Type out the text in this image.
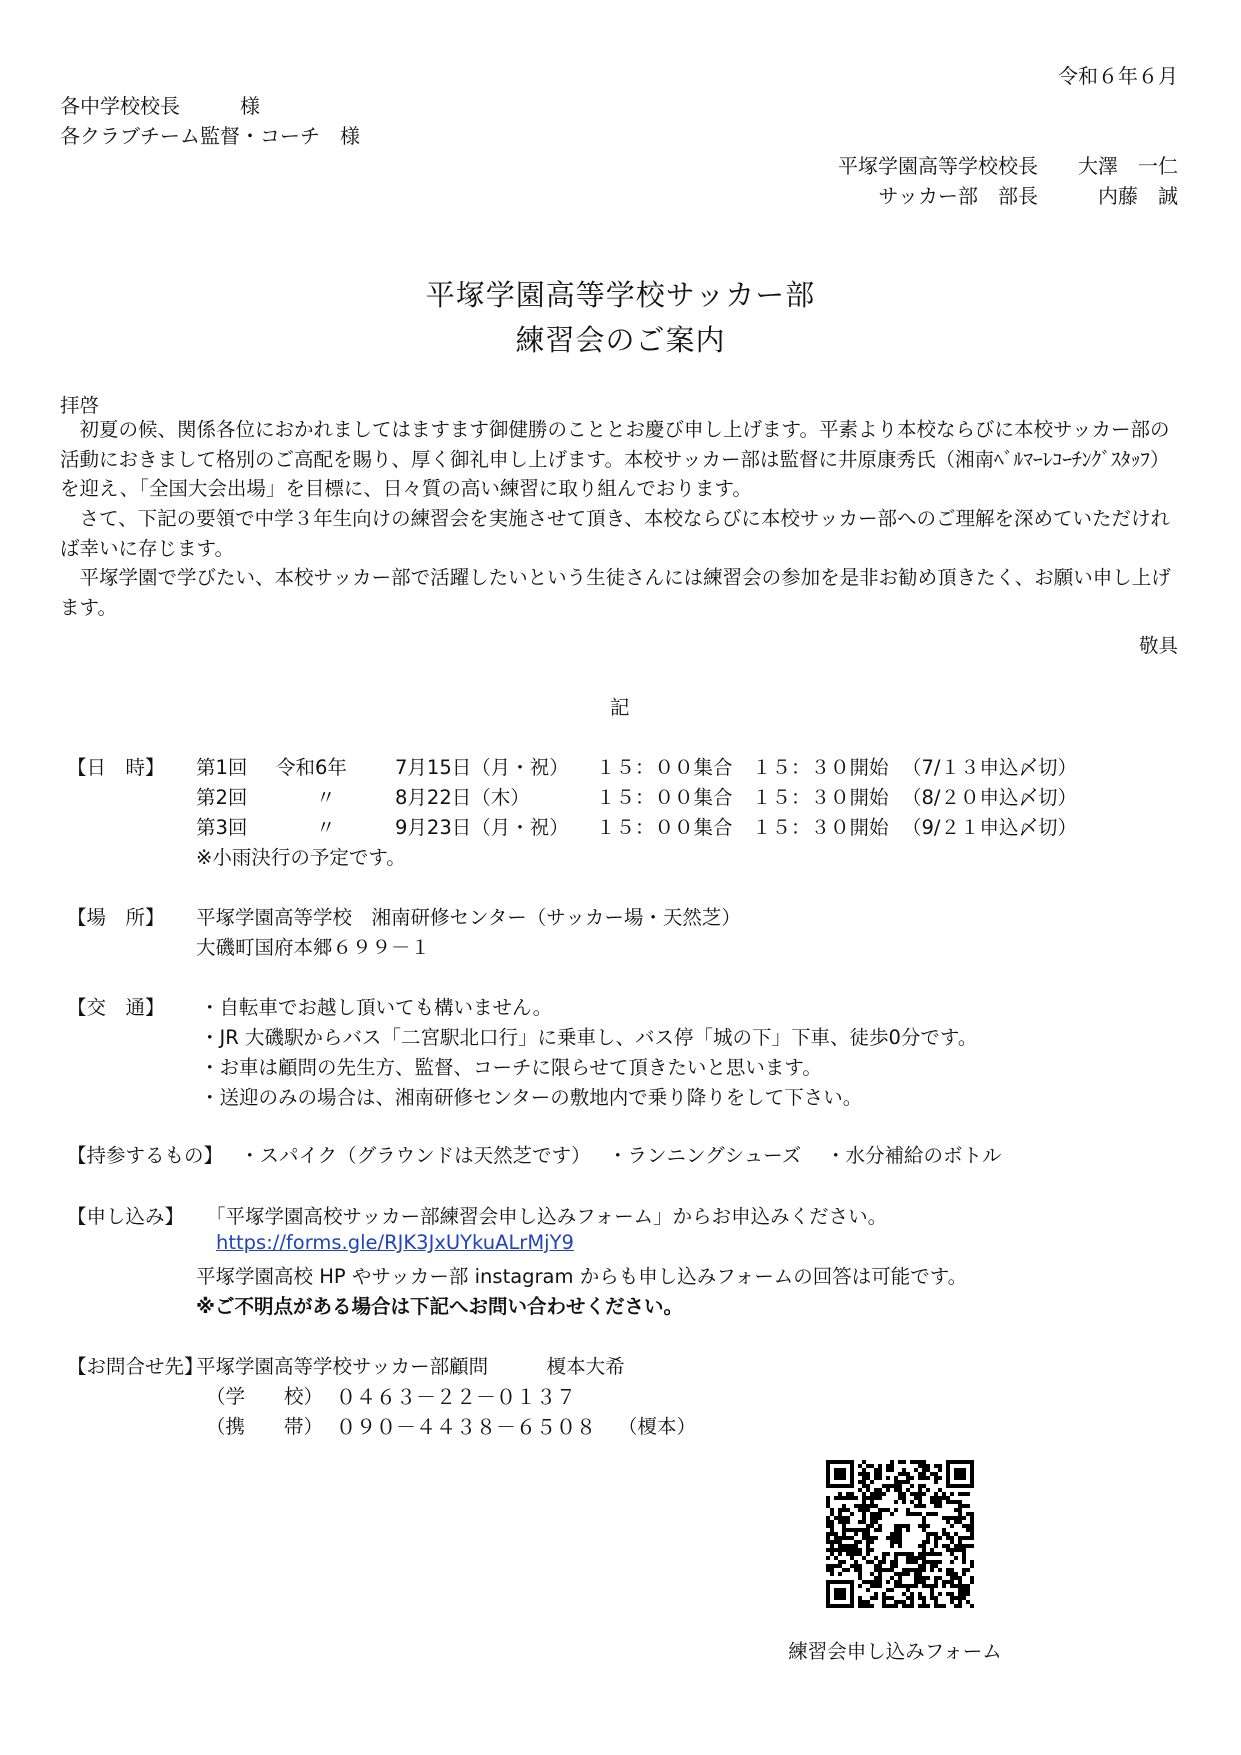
令和６年６月
各中学校校長　　　様
各クラブチーム監督・コーチ　様
平塚学園高等学校校長　　大澤　一仁
サッカー部　部長　　　内藤　誠
平塚学園高等学校サッカー部
練習会のご案内
拝啓
　初夏の候、関係各位におかれましてはますます御健勝のこととお慶び申し上げます。平素より本校ならびに本校サッカー部の活動におきまして格別のご高配を賜り、厚く御礼申し上げます。本校サッカー部は監督に井原康秀氏（湘南ﾍﾞﾙﾏｰﾚｺｰﾁﾝｸﾞｽﾀｯﾌ）を迎え、「全国大会出場」を目標に、日々質の高い練習に取り組んでおります。
　さて、下記の要領で中学３年生向けの練習会を実施させて頂き、本校ならびに本校サッカー部へのご理解を深めていただければ幸いに存じます。
　平塚学園で学びたい、本校サッカー部で活躍したいという生徒さんには練習会の参加を是非お勧め頂きたく、お願い申し上げます。
敬具
記
【日　時】 第1回 令和6年 7月15日（月・祝） １５：００集合 １５：３０開始 （7/１３申込〆切）
第2回	〃	8月22日（木）	１５：００集合 １５：３０開始 （8/２０申込〆切）
第3回	〃	9月23日（月・祝） １５：００集合 １５：３０開始 （9/２１申込〆切）
※小雨決行の予定です。
【場　所】 平塚学園高等学校　湘南研修センター（サッカー場・天然芝）
大磯町国府本郷６９９－１
【交　通】 ・自転車でお越し頂いても構いません。
・JR 大磯駅からバス「二宮駅北口行」に乗車し、バス停「城の下」下車、徒歩0分です。
・お車は顧問の先生方、監督、コーチに限らせて頂きたいと思います。
・送迎のみの場合は、湘南研修センターの敷地内で乗り降りをして下さい。
【持参するもの】 ・スパイク（グラウンドは天然芝です） ・ランニングシューズ ・水分補給のボトル
【申し込み】 「平塚学園高校サッカー部練習会申し込みフォーム」からお申込みください。
https://forms.gle/RJK3JxUYkuALrMjY9
平塚学園高校 HP やサッカー部 instagram からも申し込みフォームの回答は可能です。
※ご不明点がある場合は下記へお問い合わせください。
【お問合せ先】
平塚学園高等学校サッカー部顧問　　　榎本大希
（学　　校） ０４６３－２２－０１３７
（携　　帯） ０９０－４４３８－６５０８ （榎本）
練習会申し込みフォーム
